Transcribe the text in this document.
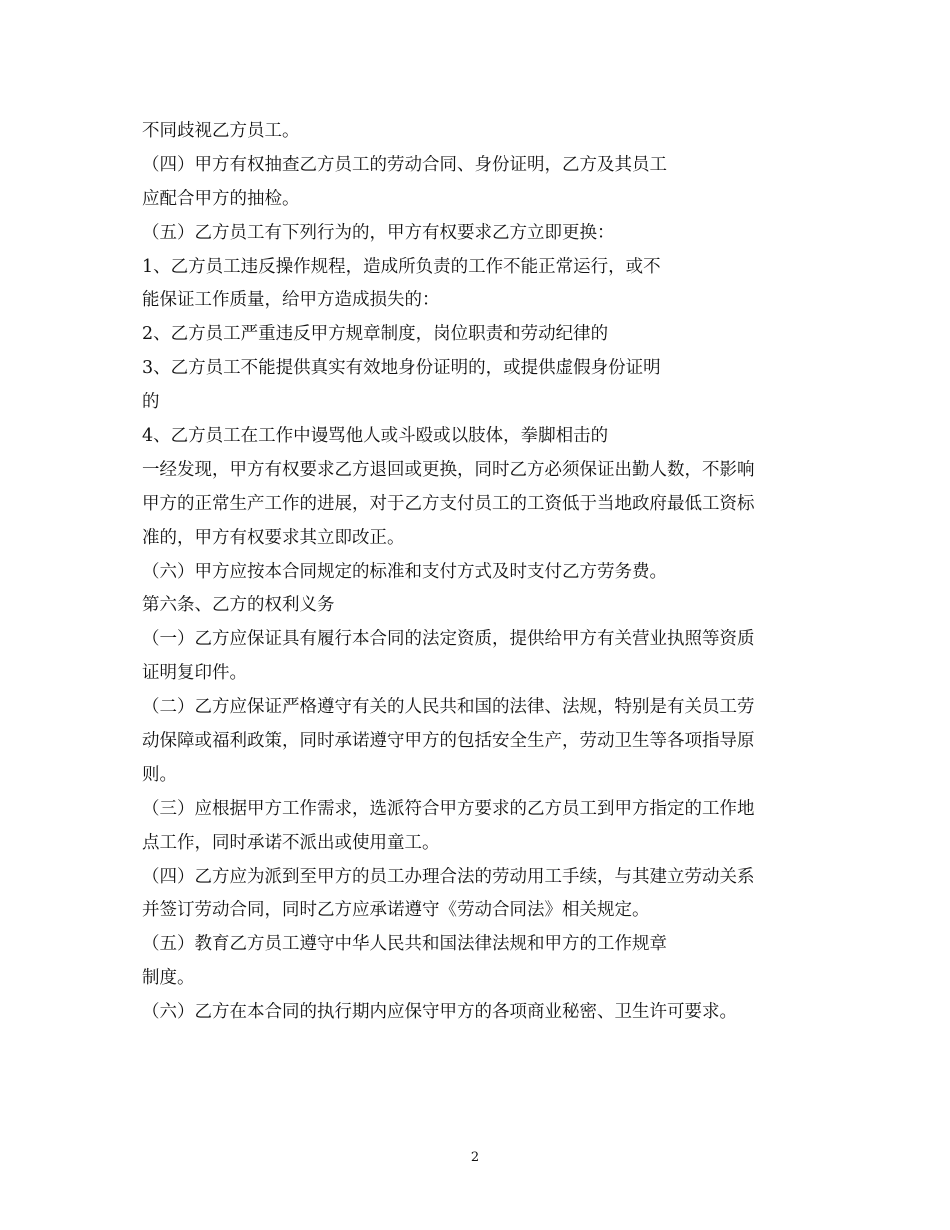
不同歧视乙方员工。
（四）甲方有权抽查乙方员工的劳动合同、身份证明，乙方及其员工
应配合甲方的抽检。
（五）乙方员工有下列行为的，甲方有权要求乙方立即更换：
1、乙方员工违反操作规程，造成所负责的工作不能正常运行，或不
能保证工作质量，给甲方造成损失的：
2、乙方员工严重违反甲方规章制度，岗位职责和劳动纪律的
3、乙方员工不能提供真实有效地身份证明的，或提供虚假身份证明
的
4、乙方员工在工作中谩骂他人或斗殴或以肢体，拳脚相击的
一经发现，甲方有权要求乙方退回或更换，同时乙方必须保证出勤人数，不影响
甲方的正常生产工作的进展，对于乙方支付员工的工资低于当地政府最低工资标
准的，甲方有权要求其立即改正。
（六）甲方应按本合同规定的标准和支付方式及时支付乙方劳务费。
第六条、乙方的权利义务
（一）乙方应保证具有履行本合同的法定资质，提供给甲方有关营业执照等资质
证明复印件。
（二）乙方应保证严格遵守有关的人民共和国的法律、法规，特别是有关员工劳
动保障或福利政策，同时承诺遵守甲方的包括安全生产，劳动卫生等各项指导原
则。
（三）应根据甲方工作需求，选派符合甲方要求的乙方员工到甲方指定的工作地
点工作，同时承诺不派出或使用童工。
（四）乙方应为派到至甲方的员工办理合法的劳动用工手续，与其建立劳动关系
并签订劳动合同，同时乙方应承诺遵守《劳动合同法》相关规定。
（五）教育乙方员工遵守中华人民共和国法律法规和甲方的工作规章
制度。
（六）乙方在本合同的执行期内应保守甲方的各项商业秘密、卫生许可要求。
2
